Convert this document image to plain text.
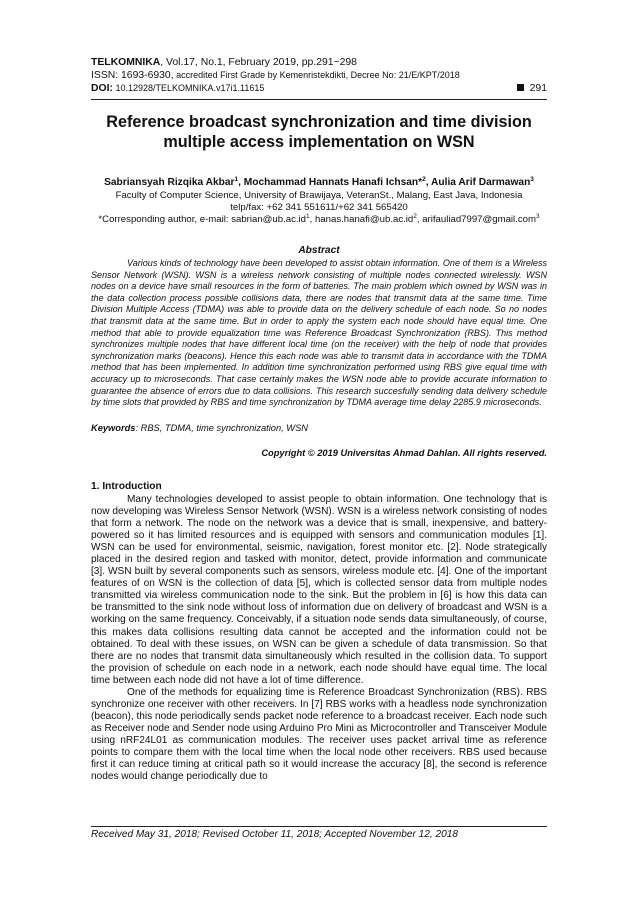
TELKOMNIKA, Vol.17, No.1, February 2019, pp.291~298
ISSN: 1693-6930, accredited First Grade by Kemenristekdikti, Decree No: 21/E/KPT/2018
DOI: 10.12928/TELKOMNIKA.v17i1.11615	291
Reference broadcast synchronization and time division
multiple access implementation on WSN
Sabriansyah Rizqika Akbar$^1$, Mochammad Hannats Hanafi Ichsan*$^2$, Aulia Arif Darmawan$^3$
Faculty of Computer Science, University of Brawijaya, VeteranSt., Malang, East Java, Indonesia
telp/fax: +62 341 551611/+62 341 565420
*Corresponding author, e-mail: $sabrian@ub.ac.id^1$, $hanas.hanafi@ub.ac.id^2$, arifauliad7997@gmail.com$^3$
Abstract

Various kinds of technology have been developed to assist obtain information. One of them is a Wireless Sensor Network (WSN). WSN is a wireless network consisting of multiple nodes connected wirelessly. WSN nodes on a device have small resources in the form of batteries. The main problem which owned by WSN was in the data collection process possible collisions data, there are nodes that transmit data at the same time. Time Division Multiple Access (TDMA) was able to provide data on the delivery schedule of each node. So no nodes that transmit data at the same time. But in order to apply the system each node should have equal time. One method that able to provide equalization time was Reference Broadcast Synchronization (RBS). This method synchronizes multiple nodes that have different local time (on the receiver) with the help of node that provides synchronization marks (beacons). Hence this each node was able to transmit data in accordance with the TDMA method that has been implemented. In addition time synchronization performed using RBS give equal time with accuracy up to microseconds. That case certainly makes the WSN node able to provide accurate information to guarantee the absence of errors due to data collisions. This research succesfully sending data delivery schedule by time slots that provided by RBS and time synchronization by TDMA average time delay 2285.9 microseconds.

Keywords: RBS, TDMA, time synchronization, WSN
Copyright © 2019 Universitas Ahmad Dahlan. All rights reserved.
1. Introduction

Many technologies developed to assist people to obtain information. One technology that is now developing was Wireless Sensor Network (WSN). WSN is a wireless network consisting of nodes that form a network. The node on the network was a device that is small, inexpensive, and battery-powered so it has limited resources and is equipped with sensors and communication modules [1]. WSN can be used for environmental, seismic, navigation, forest monitor etc. [2]. Node strategically placed in the desired region and tasked with monitor, detect, provide information and communicate [3]. WSN built by several components such as sensors, wireless module etc. [4]. One of the important features of on WSN is the collection of data [5], which is collected sensor data from multiple nodes transmitted via wireless communication node to the sink. But the problem in [6] is how this data can be transmitted to the sink node without loss of information due on delivery of broadcast and WSN is a working on the same frequency. Conceivably, if a situation node sends data simultaneously, of course, this makes data collisions resulting data cannot be accepted and the information could not be obtained. To deal with these issues, on WSN can be given a schedule of data transmission. So that there are no nodes that transmit data simultaneously which resulted in the collision data. To support the provision of schedule on each node in a network, each node should have equal time. The local time between each node did not have a lot of time difference.

One of the methods for equalizing time is Reference Broadcast Synchronization (RBS). RBS synchronize one receiver with other receivers. In [7] RBS works with a headless node synchronization (beacon), this node periodically sends packet node reference to a broadcast receiver. Each node such as Receiver node and Sender node using Arduino Pro Mini as Microcontroller and Transceiver Module using nRF24L01 as communication modules. The receiver uses packet arrival time as reference points to compare them with the local time when the local node other receivers. RBS used because first it can reduce timing at critical path so it would increase the accuracy [8], the second is reference nodes would change periodically due to

Received May 31, 2018; Revised October 11, 2018; Accepted November 12, 2018
